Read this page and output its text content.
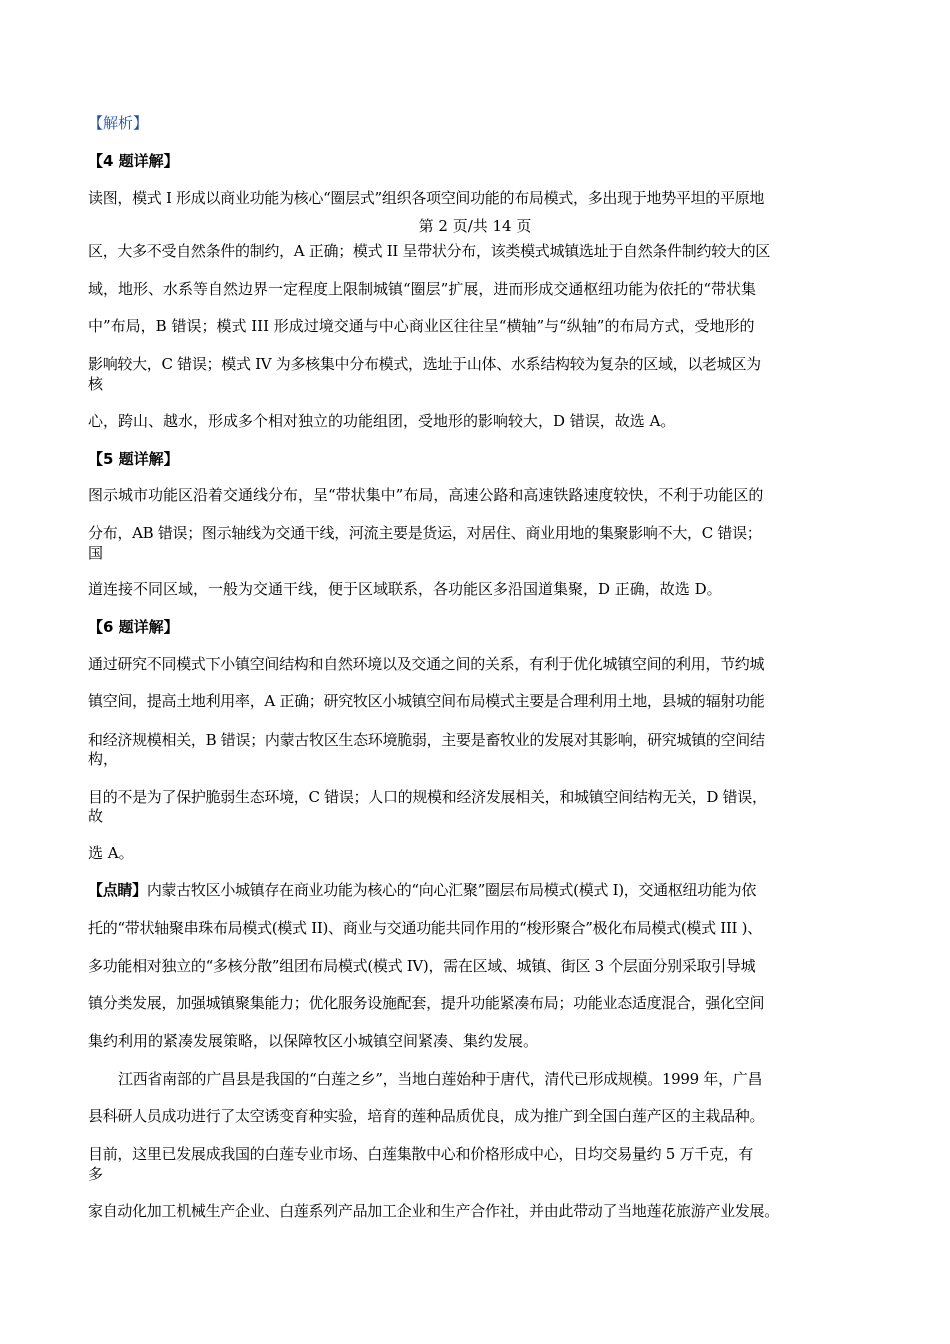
【解析】
【4 题详解】
读图，模式 I 形成以商业功能为核心“圈层式”组织各项空间功能的布局模式，多出现于地势平坦的平原地
第 2 页/共 14 页
区，大多不受自然条件的制约，A 正确；模式 II 呈带状分布，该类模式城镇选址于自然条件制约较大的区
域，地形、水系等自然边界一定程度上限制城镇“圈层”扩展，进而形成交通枢纽功能为依托的“带状集
中”布局，B 错误；模式 III 形成过境交通与中心商业区往往呈“横轴”与“纵轴”的布局方式，受地形的
影响较大，C 错误；模式 IV 为多核集中分布模式，选址于山体、水系结构较为复杂的区域，以老城区为
核
心，跨山、越水，形成多个相对独立的功能组团，受地形的影响较大，D 错误，故选 A。
【5 题详解】
图示城市功能区沿着交通线分布，呈“带状集中”布局，高速公路和高速铁路速度较快，不利于功能区的
分布，AB 错误；图示轴线为交通干线，河流主要是货运，对居住、商业用地的集聚影响不大，C 错误；
国
道连接不同区域，一般为交通干线，便于区域联系，各功能区多沿国道集聚，D 正确，故选 D。
【6 题详解】
通过研究不同模式下小镇空间结构和自然环境以及交通之间的关系，有利于优化城镇空间的利用，节约城
镇空间，提高土地利用率，A 正确；研究牧区小城镇空间布局模式主要是合理利用土地，县城的辐射功能
和经济规模相关，B 错误；内蒙古牧区生态环境脆弱，主要是畜牧业的发展对其影响，研究城镇的空间结
构，
目的不是为了保护脆弱生态环境，C 错误；人口的规模和经济发展相关，和城镇空间结构无关，D 错误，
故
选 A。
【点睛】内蒙古牧区小城镇存在商业功能为核心的“向心汇聚”圈层布局模式(模式 I)，交通枢纽功能为依
托的“带状轴聚串珠布局模式(模式 II)、商业与交通功能共同作用的“梭形聚合”极化布局模式(模式 III )、
多功能相对独立的“多核分散”组团布局模式(模式 IV)，需在区域、城镇、街区 3 个层面分别采取引导城
镇分类发展，加强城镇聚集能力；优化服务设施配套，提升功能紧凑布局；功能业态适度混合，强化空间
集约利用的紧凑发展策略，以保障牧区小城镇空间紧凑、集约发展。
江西省南部的广昌县是我国的“白莲之乡”，当地白莲始种于唐代，清代已形成规模。1999 年，广昌
县科研人员成功进行了太空诱变育种实验，培育的莲种品质优良，成为推广到全国白莲产区的主栽品种。
目前，这里已发展成我国的白莲专业市场、白莲集散中心和价格形成中心，日均交易量约 5 万千克，有
多
家自动化加工机械生产企业、白莲系列产品加工企业和生产合作社，并由此带动了当地莲花旅游产业发展。
